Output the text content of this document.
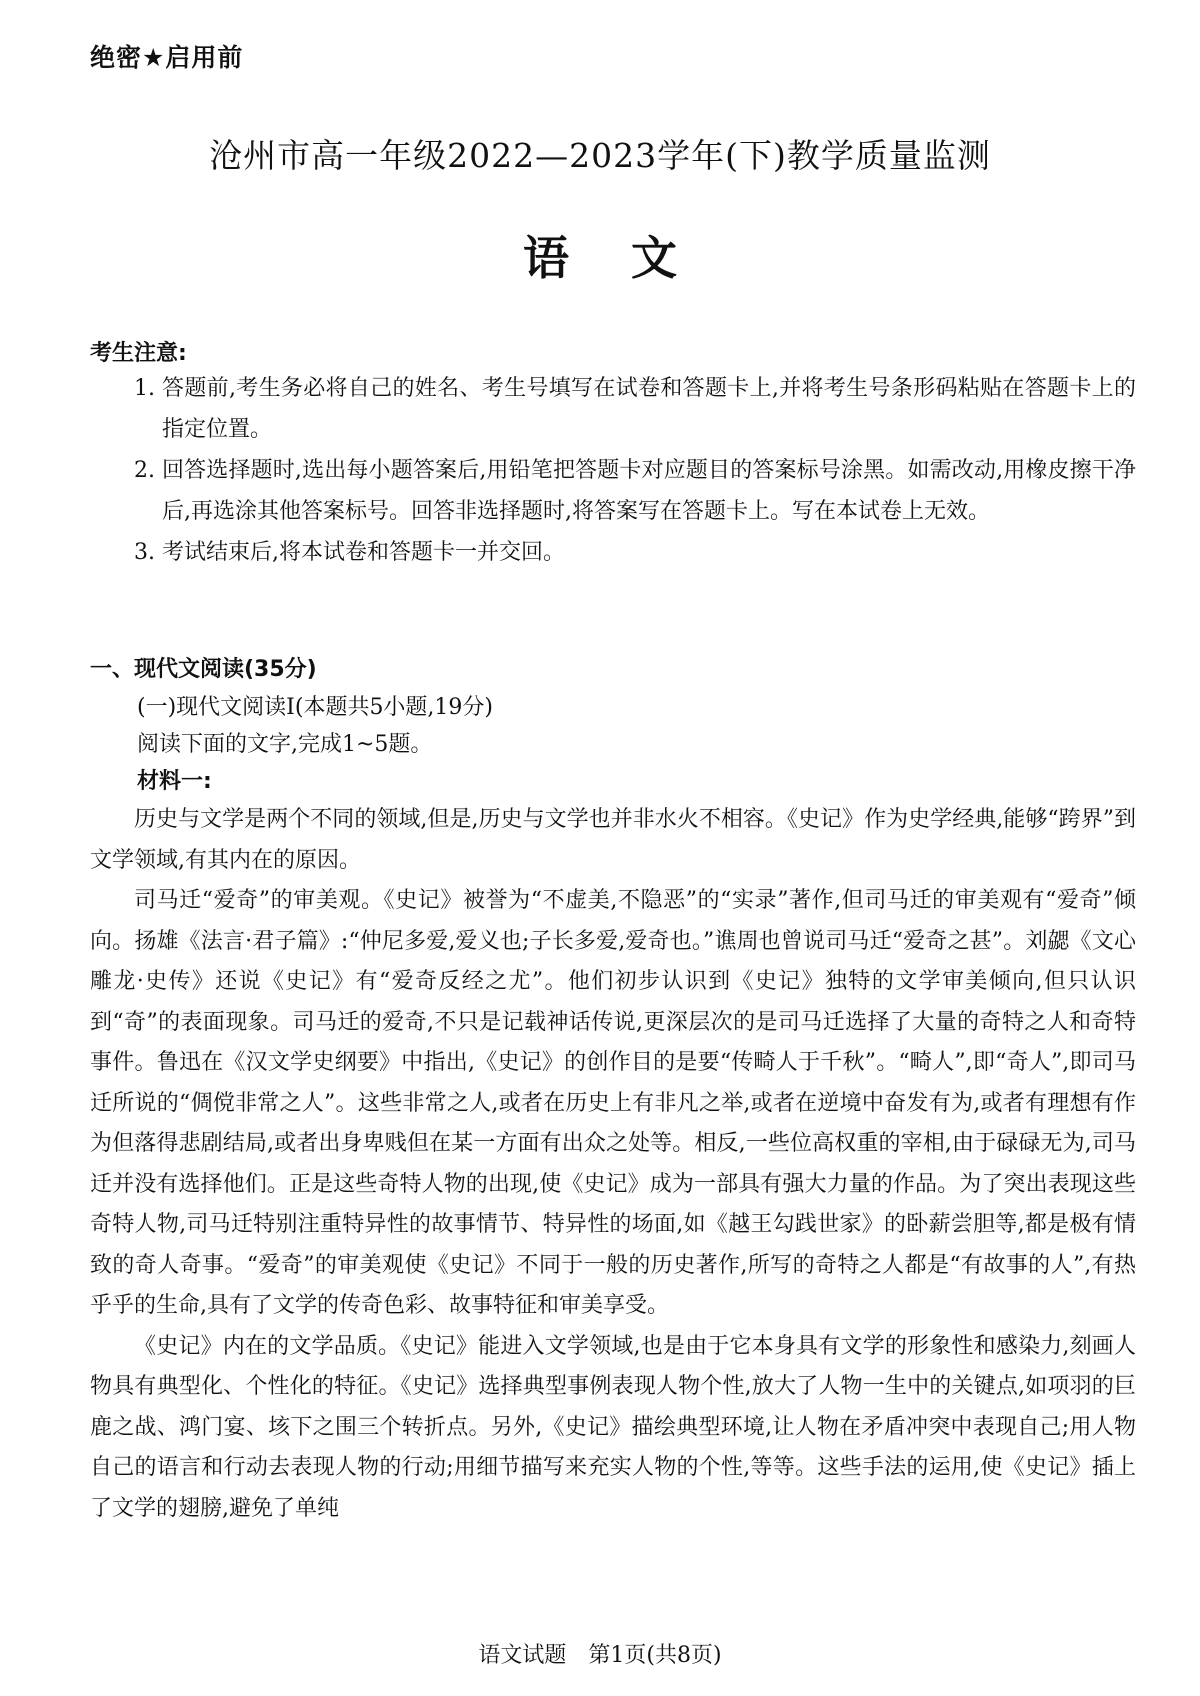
绝密★启用前
沧州市高一年级2022—2023学年(下)教学质量监测
语文
考生注意:
1. 答题前,考生务必将自己的姓名、考生号填写在试卷和答题卡上,并将考生号条形码粘贴在答题卡上的指定位置。
2. 回答选择题时,选出每小题答案后,用铅笔把答题卡对应题目的答案标号涂黑。如需改动,用橡皮擦干净后,再选涂其他答案标号。回答非选择题时,将答案写在答题卡上。写在本试卷上无效。
3. 考试结束后,将本试卷和答题卡一并交回。
一、现代文阅读(35分)
(一)现代文阅读Ⅰ(本题共5小题,19分)
阅读下面的文字,完成1~5题。
材料一:

历史与文学是两个不同的领域,但是,历史与文学也并非水火不相容。《史记》作为史学经典,能够“跨界”到文学领域,有其内在的原因。

司马迁“爱奇”的审美观。《史记》被誉为“不虚美,不隐恶”的“实录”著作,但司马迁的审美观有“爱奇”倾向。扬雄《法言·君子篇》:“仲尼多爱,爱义也;子长多爱,爱奇也。”谯周也曾说司马迁“爱奇之甚”。刘勰《文心雕龙·史传》还说《史记》有“爱奇反经之尤”。他们初步认识到《史记》独特的文学审美倾向,但只认识到“奇”的表面现象。司马迁的爱奇,不只是记载神话传说,更深层次的是司马迁选择了大量的奇特之人和奇特事件。鲁迅在《汉文学史纲要》中指出,《史记》的创作目的是要“传畸人于千秋”。“畸人”,即“奇人”,即司马迁所说的“倜傥非常之人”。这些非常之人,或者在历史上有非凡之举,或者在逆境中奋发有为,或者有理想有作为但落得悲剧结局,或者出身卑贱但在某一方面有出众之处等。相反,一些位高权重的宰相,由于碌碌无为,司马迁并没有选择他们。正是这些奇特人物的出现,使《史记》成为一部具有强大力量的作品。为了突出表现这些奇特人物,司马迁特别注重特异性的故事情节、特异性的场面,如《越王勾践世家》的卧薪尝胆等,都是极有情致的奇人奇事。“爱奇”的审美观使《史记》不同于一般的历史著作,所写的奇特之人都是“有故事的人”,有热乎乎的生命,具有了文学的传奇色彩、故事特征和审美享受。

《史记》内在的文学品质。《史记》能进入文学领域,也是由于它本身具有文学的形象性和感染力,刻画人物具有典型化、个性化的特征。《史记》选择典型事例表现人物个性,放大了人物一生中的关键点,如项羽的巨鹿之战、鸿门宴、垓下之围三个转折点。另外,《史记》描绘典型环境,让人物在矛盾冲突中表现自己;用人物自己的语言和行动去表现人物的行动;用细节描写来充实人物的个性,等等。这些手法的运用,使《史记》插上了文学的翅膀,避免了单纯

语文试题　第1页(共8页)
